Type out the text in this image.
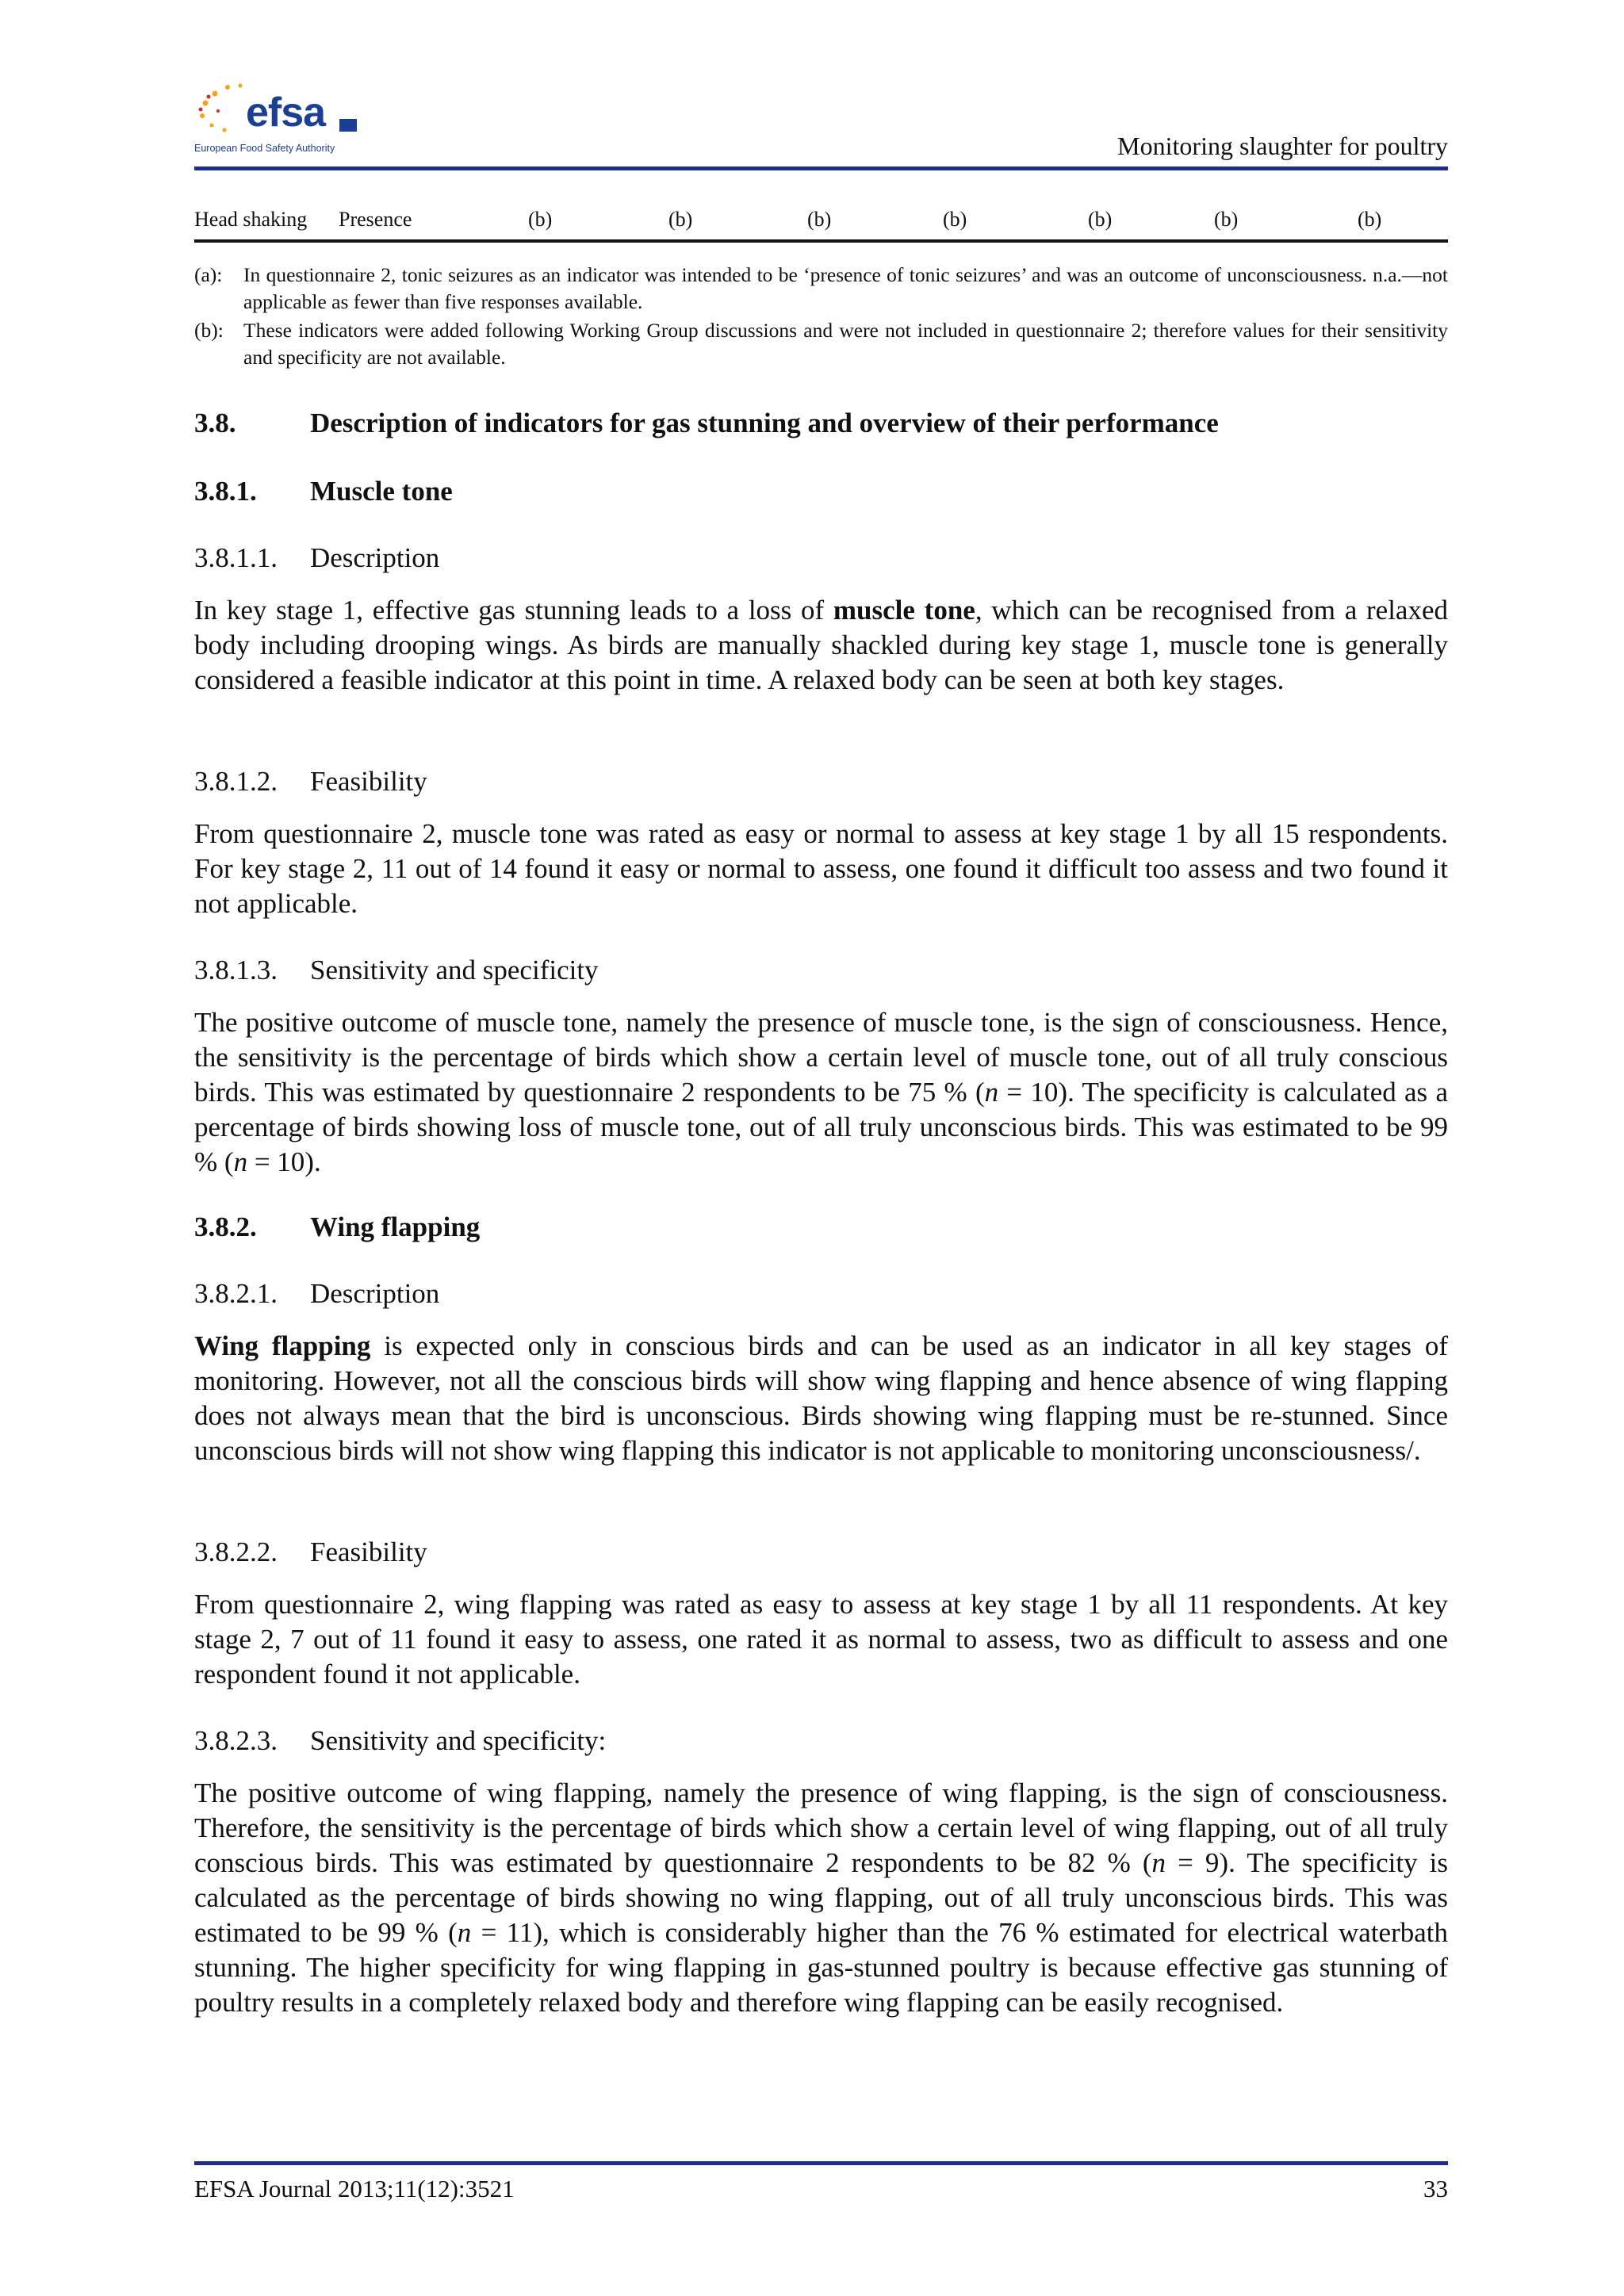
efsa
European Food Safety Authority	Monitoring slaughter for poultry
Head shaking Presence	(b)	(b)	(b)	(b)	(b)	(b)	(b)
(a): In questionnaire 2, tonic seizures as an indicator was intended to be ‘presence of tonic seizures’ and was an outcome of unconsciousness. n.a.—not applicable as fewer than five responses available.
(b): These indicators were added following Working Group discussions and were not included in questionnaire 2; therefore values for their sensitivity and specificity are not available.
3.8.	Description of indicators for gas stunning and overview of their performance
3.8.1. Muscle tone
3.8.1.1. Description
In key stage 1, effective gas stunning leads to a loss of muscle tone, which can be recognised from a relaxed body including drooping wings. As birds are manually shackled during key stage 1, muscle tone is generally considered a feasible indicator at this point in time. A relaxed body can be seen at both key stages.
3.8.1.2. Feasibility
From questionnaire 2, muscle tone was rated as easy or normal to assess at key stage 1 by all 15 respondents. For key stage 2, 11 out of 14 found it easy or normal to assess, one found it difficult too assess and two found it not applicable.
3.8.1.3. Sensitivity and specificity
The positive outcome of muscle tone, namely the presence of muscle tone, is the sign of consciousness. Hence, the sensitivity is the percentage of birds which show a certain level of muscle tone, out of all truly conscious birds. This was estimated by questionnaire 2 respondents to be 75 % (n = 10). The specificity is calculated as a percentage of birds showing loss of muscle tone, out of all truly unconscious birds. This was estimated to be 99 % (n = 10).
3.8.2. Wing flapping
3.8.2.1. Description
Wing flapping is expected only in conscious birds and can be used as an indicator in all key stages of monitoring. However, not all the conscious birds will show wing flapping and hence absence of wing flapping does not always mean that the bird is unconscious. Birds showing wing flapping must be re-stunned. Since unconscious birds will not show wing flapping this indicator is not applicable to monitoring unconsciousness/.
3.8.2.2. Feasibility
From questionnaire 2, wing flapping was rated as easy to assess at key stage 1 by all 11 respondents. At key stage 2, 7 out of 11 found it easy to assess, one rated it as normal to assess, two as difficult to assess and one respondent found it not applicable.
3.8.2.3. Sensitivity and specificity:
The positive outcome of wing flapping, namely the presence of wing flapping, is the sign of consciousness. Therefore, the sensitivity is the percentage of birds which show a certain level of wing flapping, out of all truly conscious birds. This was estimated by questionnaire 2 respondents to be 82 % (n = 9). The specificity is calculated as the percentage of birds showing no wing flapping, out of all truly unconscious birds. This was estimated to be 99 % (n = 11), which is considerably higher than the 76 % estimated for electrical waterbath stunning. The higher specificity for wing flapping in gas-stunned poultry is because effective gas stunning of poultry results in a completely relaxed body and therefore wing flapping can be easily recognised.
EFSA Journal 2013;11(12):3521	33
